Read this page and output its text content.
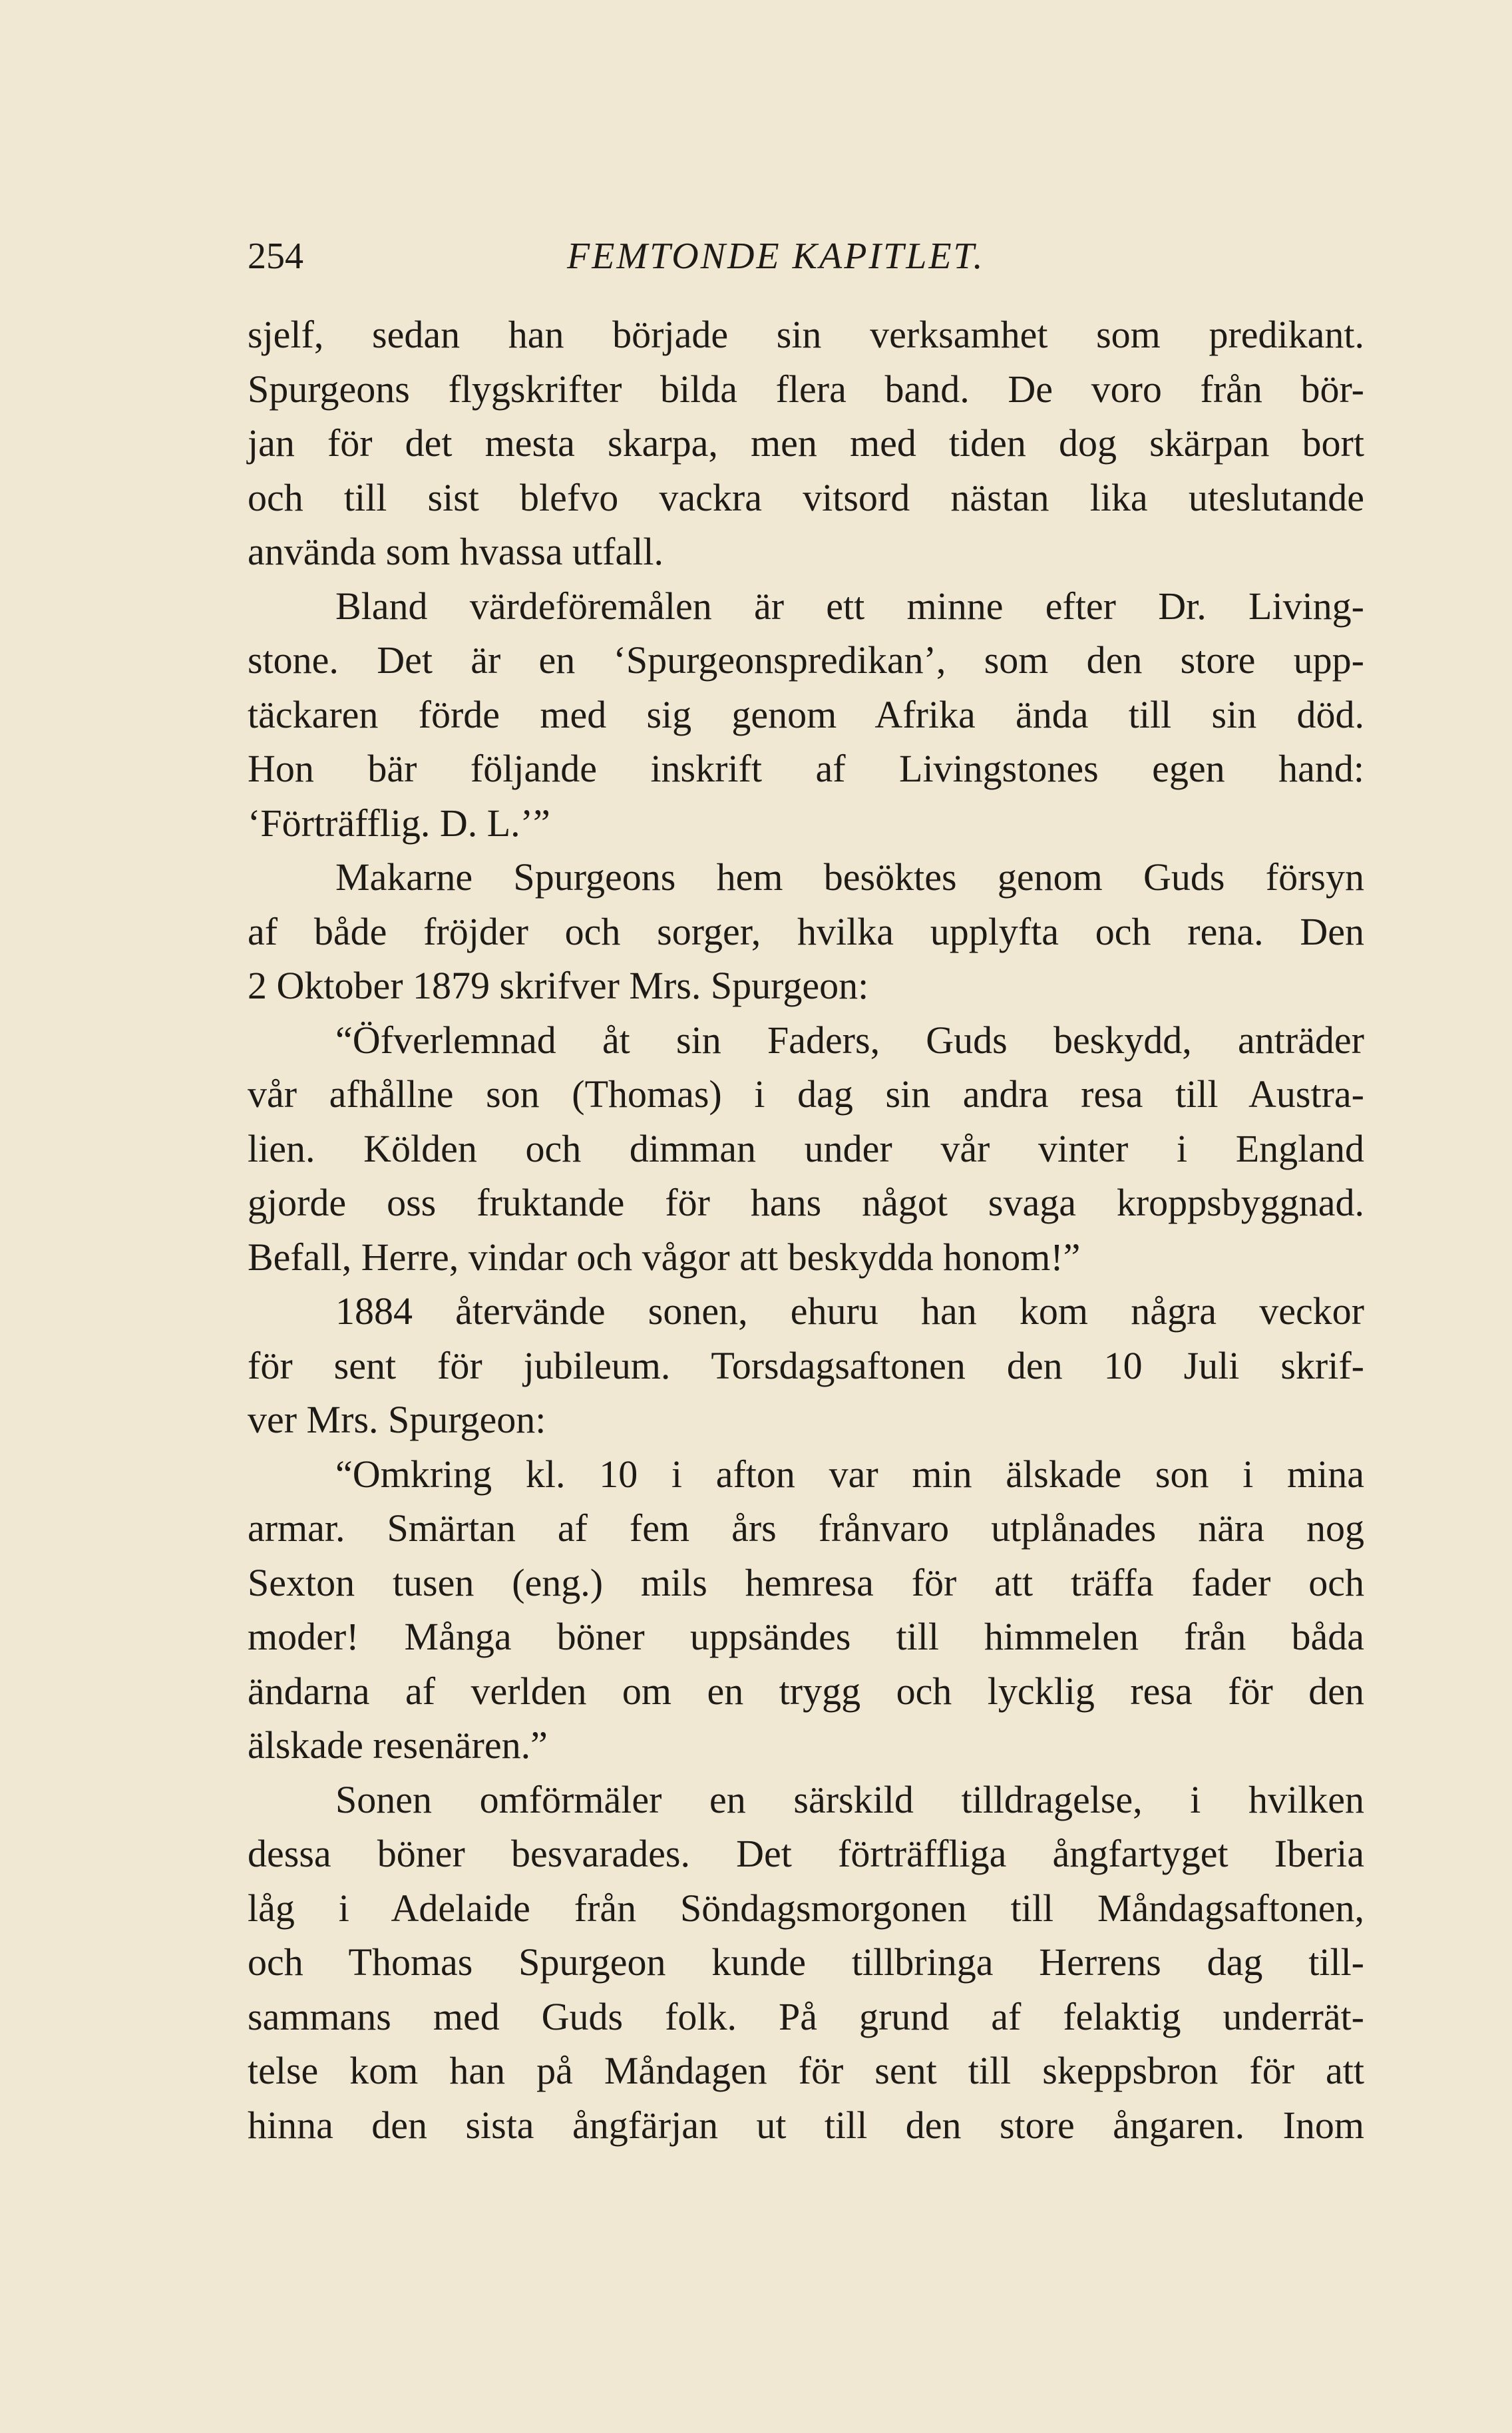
254	FEMTONDE KAPITLET.
sjelf, sedan han började sin verksamhet som predikant.
Spurgeons flygskrifter bilda flera band. De voro från bör-
jan för det mesta skarpa, men med tiden dog skärpan bort
och till sist blefvo vackra vitsord nästan lika uteslutande
använda som hvassa utfall.
Bland värdeföremålen är ett minne efter Dr. Living-
stone. Det är en ‘Spurgeonspredikan’, som den store upp-
täckaren förde med sig genom Afrika ända till sin död.
Hon bär följande inskrift af Livingstones egen hand:
‘Förträfflig. D. L.’”
Makarne Spurgeons hem besöktes genom Guds försyn
af både fröjder och sorger, hvilka upplyfta och rena. Den
2 Oktober 1879 skrifver Mrs. Spurgeon:
“Öfverlemnad åt sin Faders, Guds beskydd, anträder
vår afhållne son (Thomas) i dag sin andra resa till Austra-
lien. Kölden och dimman under vår vinter i England
gjorde oss fruktande för hans något svaga kroppsbyggnad.
Befall, Herre, vindar och vågor att beskydda honom!”
1884 återvände sonen, ehuru han kom några veckor
för sent för jubileum. Torsdagsaftonen den 10 Juli skrif-
ver Mrs. Spurgeon:
“Omkring kl. 10 i afton var min älskade son i mina
armar. Smärtan af fem års frånvaro utplånades nära nog
Sexton tusen (eng.) mils hemresa för att träffa fader och
moder! Många böner uppsändes till himmelen från båda
ändarna af verlden om en trygg och lycklig resa för den
älskade resenären.”
Sonen omförmäler en särskild tilldragelse, i hvilken
dessa böner besvarades. Det förträffliga ångfartyget Iberia
låg i Adelaide från Söndagsmorgonen till Måndagsaftonen,
och Thomas Spurgeon kunde tillbringa Herrens dag till-
sammans med Guds folk. På grund af felaktig underrät-
telse kom han på Måndagen för sent till skeppsbron för att
hinna den sista ångfärjan ut till den store ångaren. Inom
